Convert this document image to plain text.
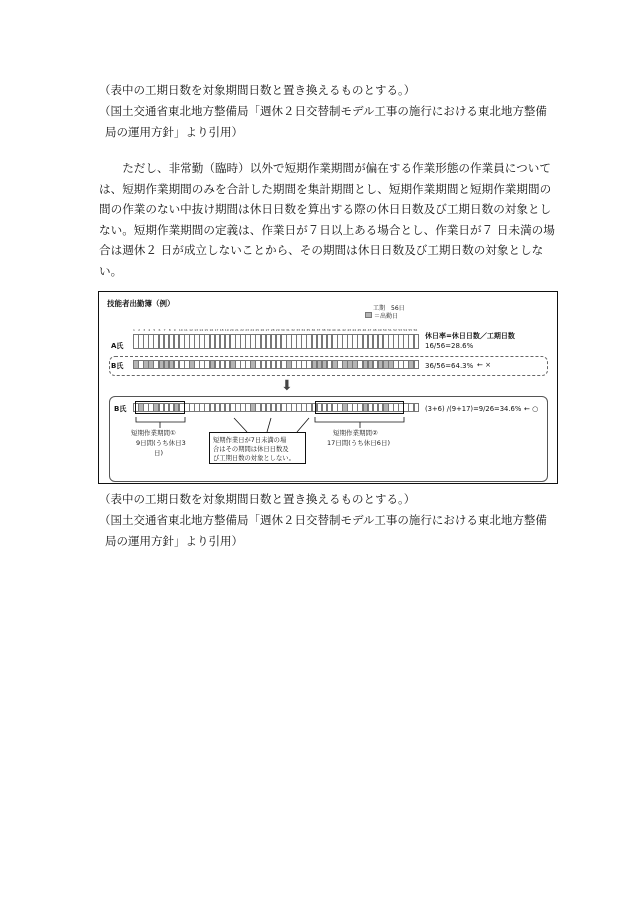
（表中の工期日数を対象期間日数と置き換えるものとする。）
（国土交通省東北地方整備局「週休２日交替制モデル工事の施行における東北地方整備
局の運用方針」より引用）
ただし、非常勤（臨時）以外で短期作業期間が偏在する作業形態の作業員については、短期作業期間のみを合計した期間を集計期間とし、短期作業期間と短期作業期間の間の作業のない中抜け期間は休日日数を算出する際の休日日数及び工期日数の対象としない。短期作業期間の定義は、作業日が７日以上ある場合とし、作業日が７ 日未満の場合は週休２ 日が成立しないことから、その期間は休日日数及び工期日数の対象としない。
技能者出勤簿（例）
工期　56日
＝出勤日
A氏
1 2 3 4 5 6 7 8 9 10 11 12 13 14 15 16 17 18 19 20 21 22 23 24 25 26 27 28 29 30 31 32 33 34 35 36 37 38 39 40 41 42 43 44 45 46 47 48 49 50 51 52 53 54 55 56
休日率=休日日数／工期日数
16/56=28.6%
B氏	36/56=64.3% ← ×
⬇
B氏	(3+6) /(9+17)=9/26=34.6% ← ○
短期作業期間①
9日間(うち休日3
日)
短期作業日が7日未満の場
合はその期間は休日日数及
び工期日数の対象としない。
短期作業期間②
17日間(うち休日6日)
（表中の工期日数を対象期間日数と置き換えるものとする。）
（国土交通省東北地方整備局「週休２日交替制モデル工事の施行における東北地方整備
局の運用方針」より引用）
